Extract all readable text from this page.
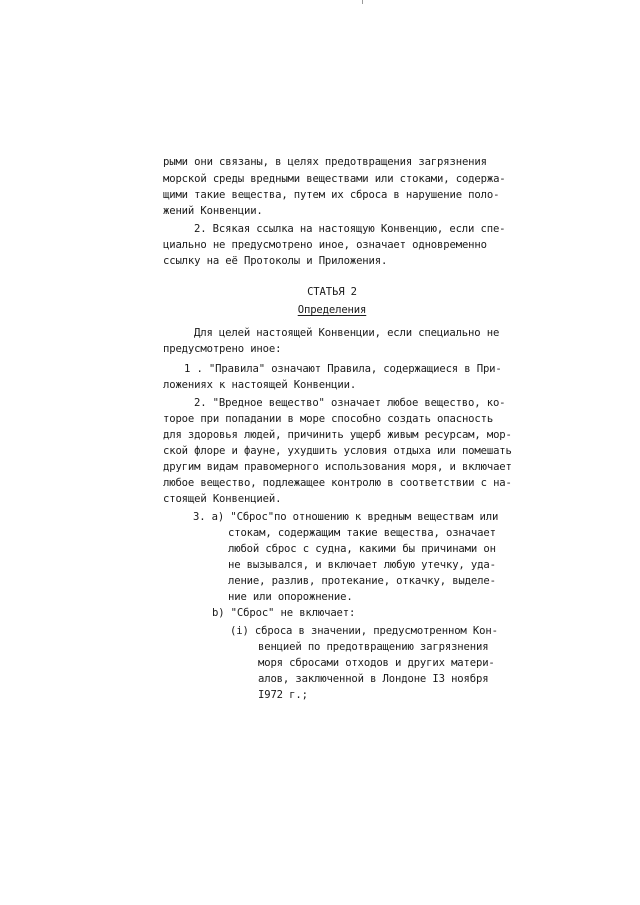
рыми они связаны, в целях предотвращения загрязнения
морской среды вредными веществами или стоками, содержа-
щими такие вещества, путем их сброса в нарушение поло-
жений Конвенции.
2. Всякая ссылка на настоящую Конвенцию, если спе-
циально не предусмотрено иное, означает одновременно
ссылку на её Протоколы и Приложения.
СТАТЬЯ 2
Определения
Для целей настоящей Конвенции, если специально не
предусмотрено иное:
1 . "Правила" означают Правила, содержащиеся в При-
ложениях к настоящей Конвенции.
2. "Вредное вещество" означает любое вещество, ко-
торое при попадании в море способно создать опасность
для здоровья людей, причинить ущерб живым ресурсам, мор-
ской флоре и фауне, ухудшить условия отдыха или помешать
другим видам правомерного использования моря, и включает
любое вещество, подлежащее контролю в соответствии с на-
стоящей Конвенцией.
3. а) "Сброс"по отношению к вредным веществам или
стокам, содержащим такие вещества, означает
любой сброс с судна, какими бы причинами он
не вызывался, и включает любую утечку, уда-
ление, разлив, протекание, откачку, выделе-
ние или опорожнение.
b) "Сброс" не включает:
(i) сброса в значении, предусмотренном Кон-
венцией по предотвращению загрязнения
моря сбросами отходов и других матери-
алов, заключенной в Лондоне I3 ноября
I972 г.;
